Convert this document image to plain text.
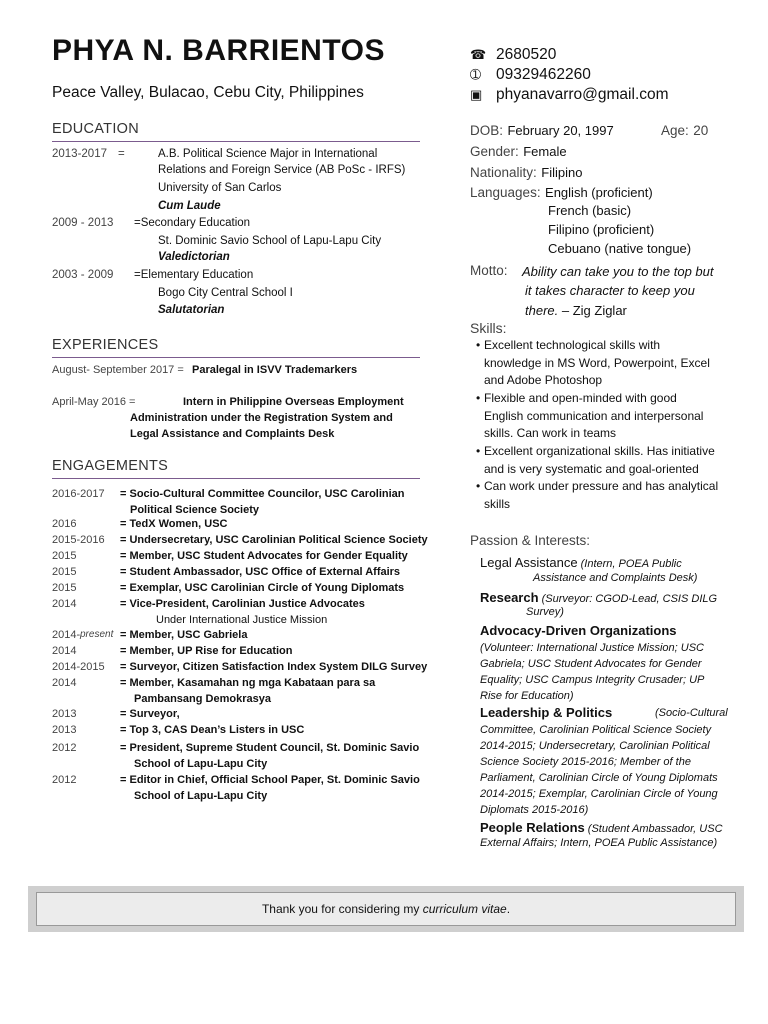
PHYA N. BARRIENTOS
Peace Valley, Bulacao, Cebu City, Philippines
☎ 2680520
➀ 09329462260
▣ phyanavarro@gmail.com
EDUCATION
2013-2017 =	A.B. Political Science Major in International
Relations and Foreign Service (AB PoSc - IRFS)
University of San Carlos
Cum Laude
2009 - 2013 =Secondary Education
St. Dominic Savio School of Lapu-Lapu City
Valedictorian
2003 - 2009 =Elementary Education
Bogo City Central School I
Salutatorian
EXPERIENCES
August- September 2017 = Paralegal in ISVV Trademarkers
April-May 2016 =	Intern in Philippine Overseas Employment
Administration under the Registration System and
Legal Assistance and Complaints Desk
ENGAGEMENTS
2016-2017 = Socio-Cultural Committee Councilor, USC Carolinian
Political Science Society
2016	= TedX Women, USC
2015-2016 = Undersecretary, USC Carolinian Political Science Society
2015	= Member, USC Student Advocates for Gender Equality
2015	= Student Ambassador, USC Office of External Affairs
2015	= Exemplar, USC Carolinian Circle of Young Diplomats
2014	= Vice-President, Carolinian Justice Advocates
Under International Justice Mission
2014- present = Member, USC Gabriela
2014	= Member, UP Rise for Education
2014-2015 = Surveyor, Citizen Satisfaction Index System DILG Survey
2014	= Member, Kasamahan ng mga Kabataan para sa
Pambansang Demokrasya
2013	= Surveyor,
2013	= Top 3, CAS Dean’s Listers in USC
2012	= President, Supreme Student Council, St. Dominic Savio
School of Lapu-Lapu City
2012	= Editor in Chief, Official School Paper, St. Dominic Savio
School of Lapu-Lapu City
DOB: February 20, 1997	Age: 20
Gender: Female
Nationality: Filipino
Languages: English (proficient)
French (basic)
Filipino (proficient)
Cebuano (native tongue)
Motto: Ability can take you to the top but
it takes character to keep you
there. – Zig Ziglar
Skills:
• Excellent technological skills with
knowledge in MS Word, Powerpoint, Excel
and Adobe Photoshop
• Flexible and open-minded with good
English communication and interpersonal
skills. Can work in teams
• Excellent organizational skills. Has initiative
and is very systematic and goal-oriented
• Can work under pressure and has analytical
skills
Passion & Interests:
Legal Assistance (Intern, POEA Public
Assistance and Complaints Desk)
Research (Surveyor: CGOD-Lead, CSIS DILG
Survey)
Advocacy-Driven Organizations
(Volunteer: International Justice Mission; USC
Gabriela; USC Student Advocates for Gender
Equality; USC Campus Integrity Crusader; UP
Rise for Education)
Leadership & Politics	(Socio-Cultural
Committee, Carolinian Political Science Society
2014-2015; Undersecretary, Carolinian Political
Science Society 2015-2016; Member of the
Parliament, Carolinian Circle of Young Diplomats
2014-2015; Exemplar, Carolinian Circle of Young
Diplomats 2015-2016)
People Relations (Student Ambassador, USC
External Affairs; Intern, POEA Public Assistance)
Thank you for considering my curriculum vitae .
